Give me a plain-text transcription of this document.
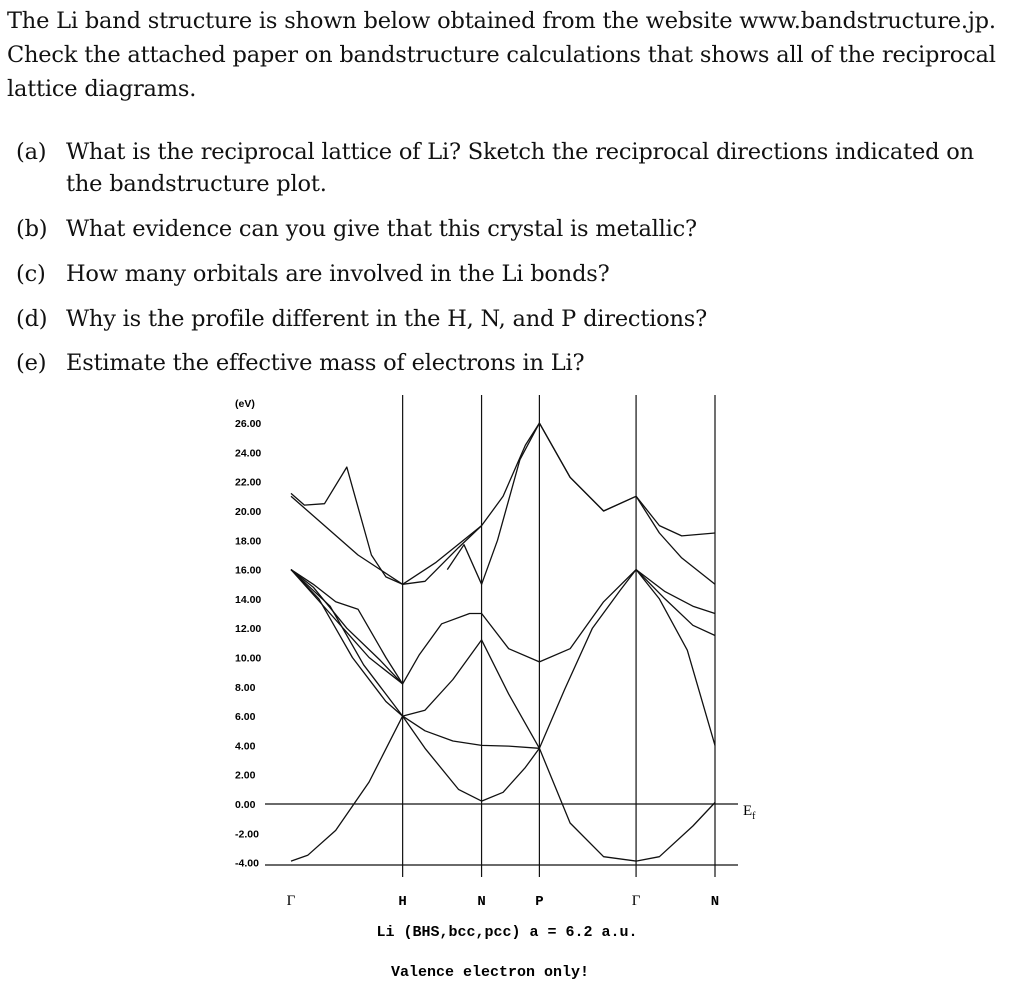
The Li band structure is shown below obtained from the website www.bandstructure.jp. Check the attached paper on bandstructure calculations that shows all of the reciprocal lattice diagrams.
(a) What is the reciprocal lattice of Li? Sketch the reciprocal directions indicated on
the bandstructure plot.
(b) What evidence can you give that this crystal is metallic?
(c) How many orbitals are involved in the Li bonds?
(d) Why is the profile different in the H, N, and P directions?
(e) Estimate the effective mass of electrons in Li?
(eV)
26.00
24.00
22.00
20.00
18.00
16.00
14.00
12.00
10.00
8.00
6.00
4.00
2.00
0.00
-2.00
-4.00
Γ	H	N	P	Γ	N
Li (BHS,bcc,pcc) a = 6.2 a.u.
Valence electron only!
$E_f$
